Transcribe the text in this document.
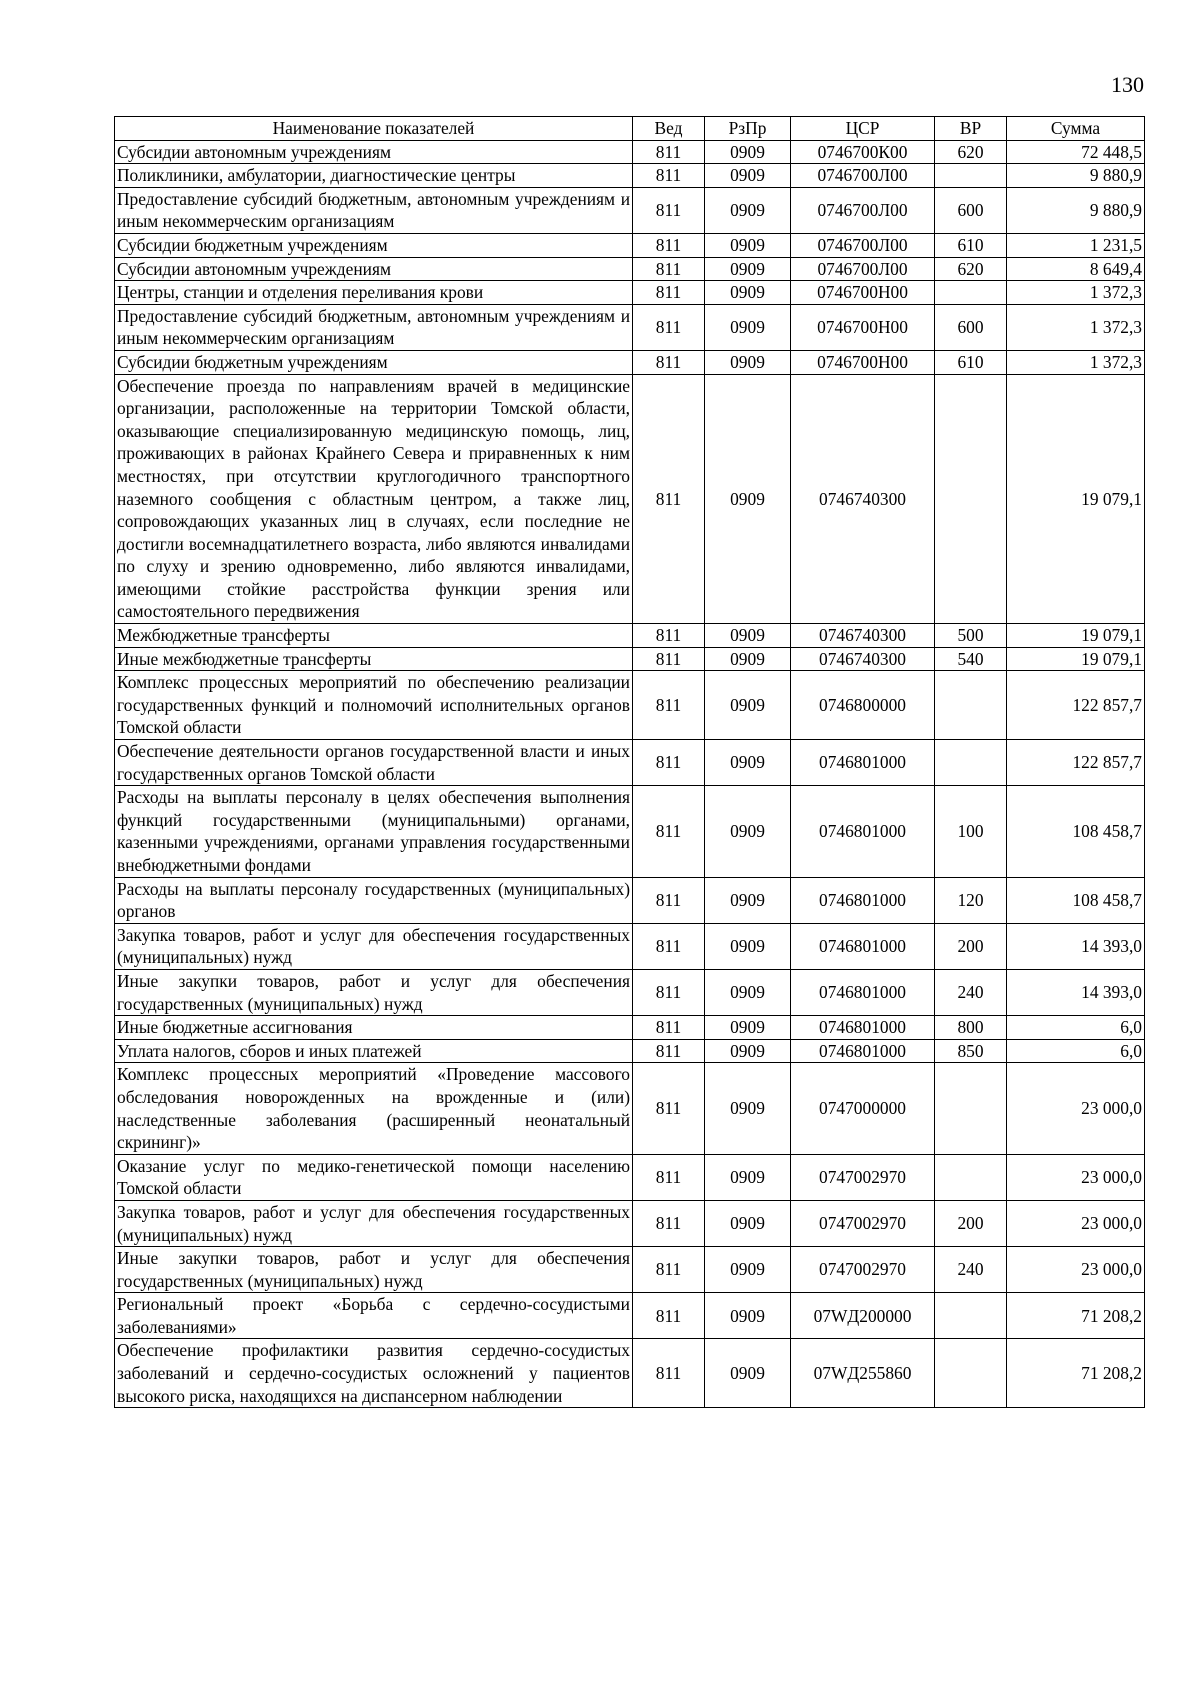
130
Наименование показателей	Вед	РзПр	ЦСР	ВР	Сумма
Субсидии автономным учреждениям	811	0909	0746700К00	620	72 448,5
Поликлиники, амбулатории, диагностические центры	811	0909	0746700Л00		9 880,9
Предоставление субсидий бюджетным, автономным учреждениям и иным некоммерческим организациям	811	0909	0746700Л00	600	9 880,9
Субсидии бюджетным учреждениям	811	0909	0746700Л00	610	1 231,5
Субсидии автономным учреждениям	811	0909	0746700Л00	620	8 649,4
Центры, станции и отделения переливания крови	811	0909	0746700Н00		1 372,3
Предоставление субсидий бюджетным, автономным учреждениям и иным некоммерческим организациям	811	0909	0746700Н00	600	1 372,3
Субсидии бюджетным учреждениям	811	0909	0746700Н00	610	1 372,3
Обеспечение проезда по направлениям врачей в медицинские организации, расположенные на территории Томской области, оказывающие специализированную медицинскую помощь, лиц, проживающих в районах Крайнего Севера и приравненных к ним местностях, при отсутствии круглогодичного транспортного наземного сообщения с областным центром, а также лиц, сопровождающих указанных лиц в случаях, если последние не достигли восемнадцатилетнего возраста, либо являются инвалидами по слуху и зрению одновременно, либо являются инвалидами, имеющими стойкие расстройства функции зрения или самостоятельного передвижения	811	0909	0746740300		19 079,1
Межбюджетные трансферты	811	0909	0746740300	500	19 079,1
Иные межбюджетные трансферты	811	0909	0746740300	540	19 079,1
Комплекс процессных мероприятий по обеспечению реализации государственных функций и полномочий исполнительных органов Томской области	811	0909	0746800000		122 857,7
Обеспечение деятельности органов государственной власти и иных государственных органов Томской области	811	0909	0746801000		122 857,7
Расходы на выплаты персоналу в целях обеспечения выполнения функций государственными (муниципальными) органами, казенными учреждениями, органами управления государственными внебюджетными фондами	811	0909	0746801000	100	108 458,7
Расходы на выплаты персоналу государственных (муниципальных) органов	811	0909	0746801000	120	108 458,7
Закупка товаров, работ и услуг для обеспечения государственных (муниципальных) нужд	811	0909	0746801000	200	14 393,0
Иные закупки товаров, работ и услуг для обеспечения государственных (муниципальных) нужд	811	0909	0746801000	240	14 393,0
Иные бюджетные ассигнования	811	0909	0746801000	800	6,0
Уплата налогов, сборов и иных платежей	811	0909	0746801000	850	6,0
Комплекс процессных мероприятий «Проведение массового обследования новорожденных на врожденные и (или) наследственные заболевания (расширенный неонатальный скрининг)»	811	0909	0747000000		23 000,0
Оказание услуг по медико-генетической помощи населению Томской области	811	0909	0747002970		23 000,0
Закупка товаров, работ и услуг для обеспечения государственных (муниципальных) нужд	811	0909	0747002970	200	23 000,0
Иные закупки товаров, работ и услуг для обеспечения государственных (муниципальных) нужд	811	0909	0747002970	240	23 000,0
Региональный проект «Борьба с сердечно-сосудистыми заболеваниями»	811	0909	07WД200000		71 208,2
Обеспечение профилактики развития сердечно-сосудистых заболеваний и сердечно-сосудистых осложнений у пациентов высокого риска, находящихся на диспансерном наблюдении	811	0909	07WД255860		71 208,2
